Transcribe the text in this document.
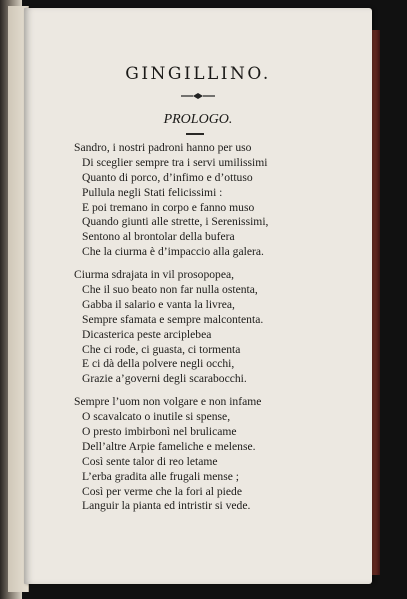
GINGILLINO.
PROLOGO.
Sandro, i nostri padroni hanno per uso
Di sceglier sempre tra i servi umilissimi
Quanto di porco, d’infimo e d’ottuso
Pullula negli Stati felicissimi :
E poi tremano in corpo e fanno muso
Quando giunti alle strette, i Serenissimi,
Sentono al brontolar della bufera
Che la ciurma è d’impaccio alla galera.
Ciurma sdrajata in vil prosopopea,
Che il suo beato non far nulla ostenta,
Gabba il salario e vanta la livrea,
Sempre sfamata e sempre malcontenta.
Dicasterica peste arciplebea
Che ci rode, ci guasta, ci tormenta
E ci dà della polvere negli occhi,
Grazie a’governi degli scarabocchi.
Sempre l’uom non volgare e non infame
O scavalcato o inutile si spense,
O presto imbirbonì nel brulicame
Dell’altre Arpie fameliche e melense.
Così sente talor di reo letame
L’erba gradita alle frugali mense ;
Così per verme che la fori al piede
Languir la pianta ed intristir si vede.
